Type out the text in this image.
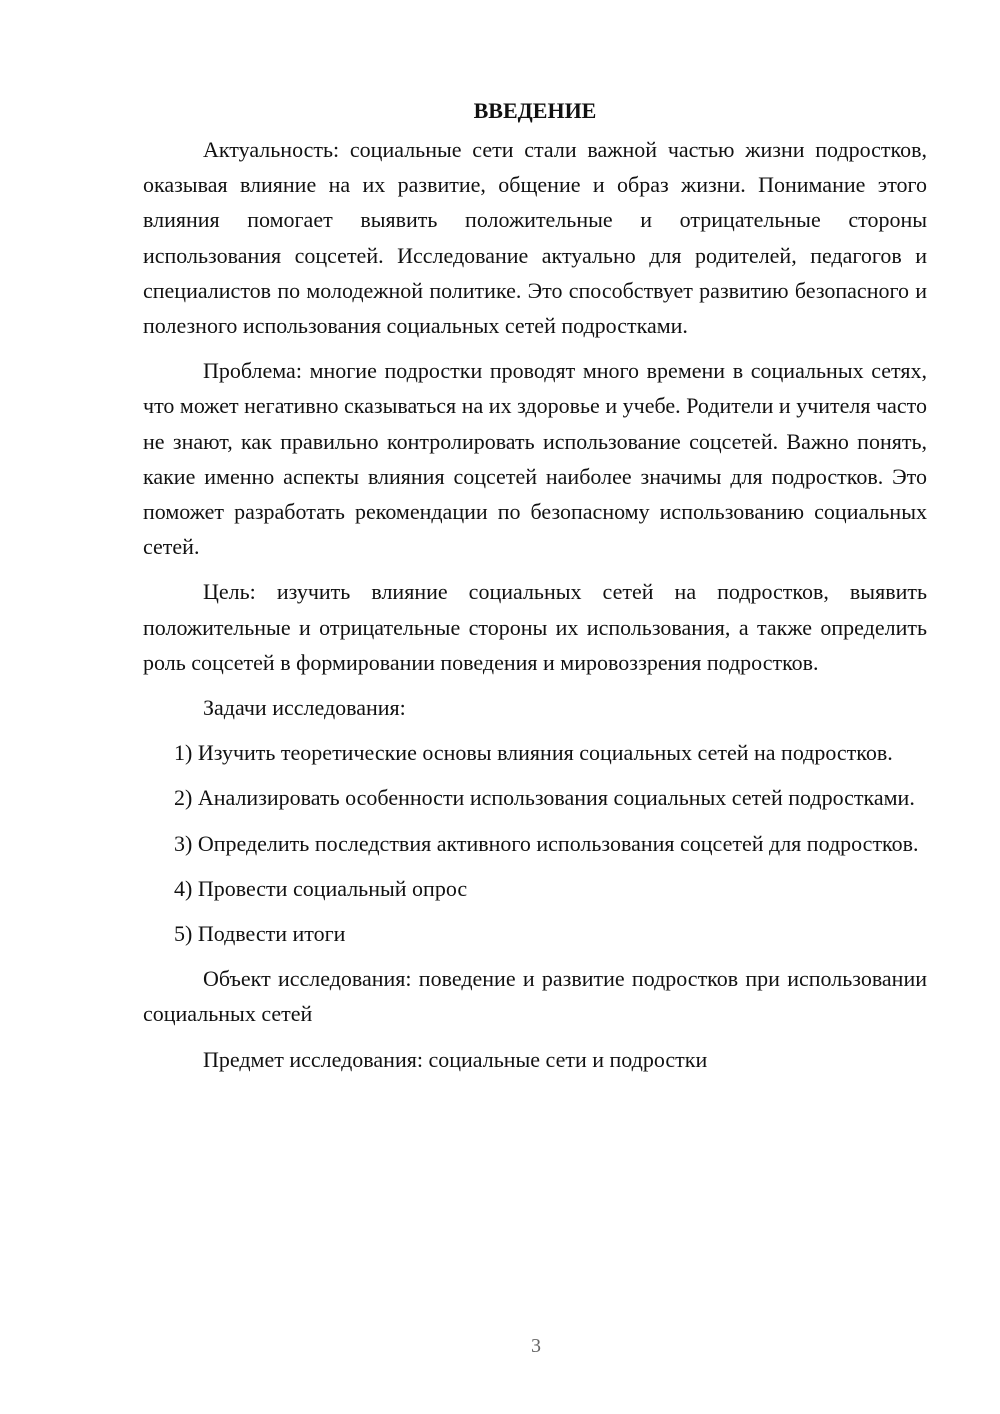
ВВЕДЕНИЕ

Актуальность: социальные сети стали важной частью жизни подростков, оказывая влияние на их развитие, общение и образ жизни. Понимание этого влияния помогает выявить положительные и отрицательные стороны использования соцсетей. Исследование актуально для родителей, педагогов и специалистов по молодежной политике. Это способствует развитию безопасного и полезного использования социальных сетей подростками.

Проблема: многие подростки проводят много времени в социальных сетях, что может негативно сказываться на их здоровье и учебе. Родители и учителя часто не знают, как правильно контролировать использование соцсетей. Важно понять, какие именно аспекты влияния соцсетей наиболее значимы для подростков. Это поможет разработать рекомендации по безопасному использованию социальных сетей.

Цель: изучить влияние социальных сетей на подростков, выявить положительные и отрицательные стороны их использования, а также определить роль соцсетей в формировании поведения и мировоззрения подростков.

Задачи исследования:

1) Изучить теоретические основы влияния социальных сетей на подростков.

2) Анализировать особенности использования социальных сетей подростками.

3) Определить последствия активного использования соцсетей для подростков.

4) Провести социальный опрос

5) Подвести итоги

Объект исследования: поведение и развитие подростков при использовании социальных сетей

Предмет исследования: социальные сети и подростки

3
